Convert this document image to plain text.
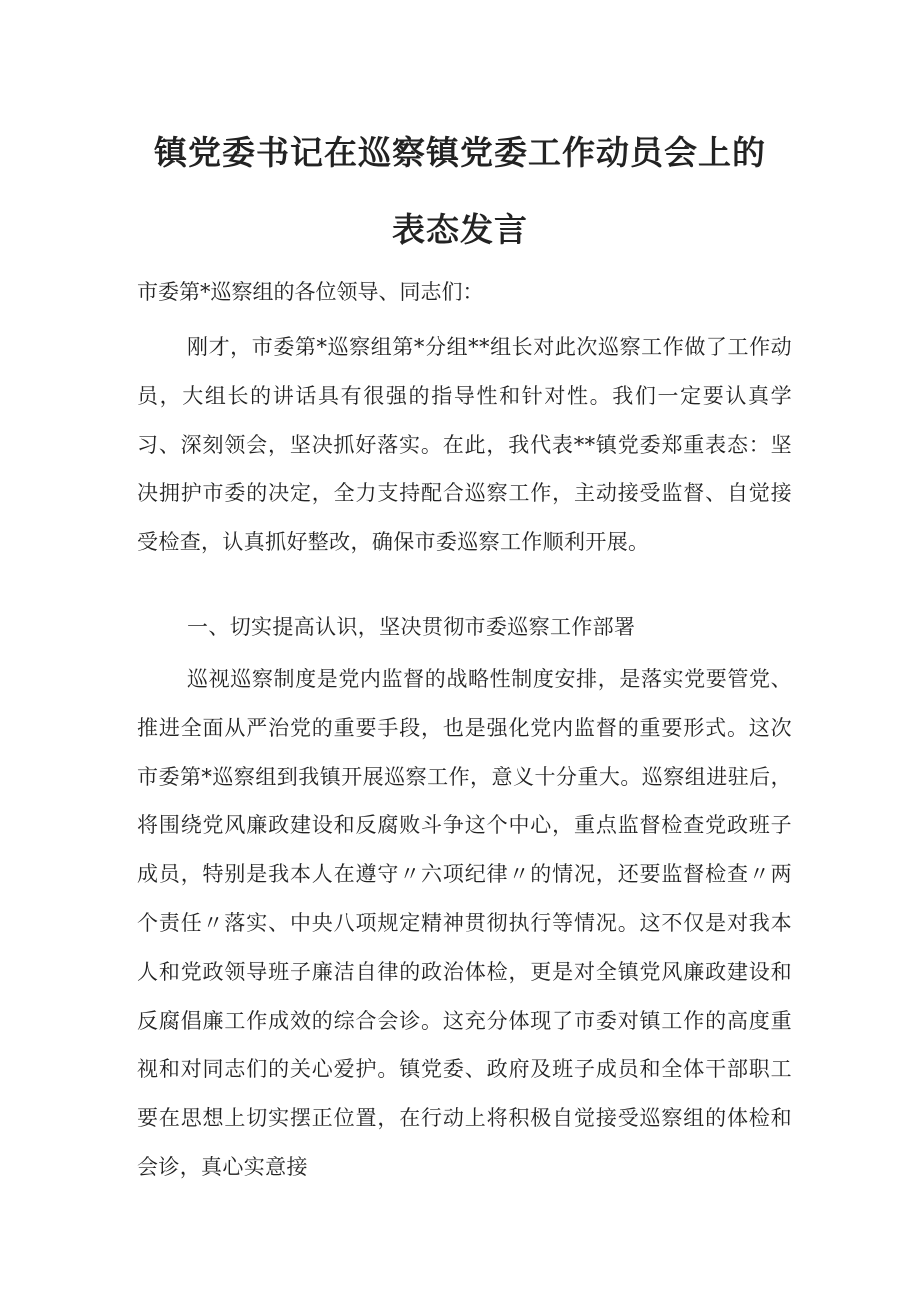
镇党委书记在巡察镇党委工作动员会上的
表态发言

市委第*巡察组的各位领导、同志们：

刚才，市委第*巡察组第*分组**组长对此次巡察工作做了工作动员，大组长的讲话具有很强的指导性和针对性。我们一定要认真学习、深刻领会，坚决抓好落实。在此，我代表**镇党委郑重表态：坚决拥护市委的决定，全力支持配合巡察工作，主动接受监督、自觉接受检查，认真抓好整改，确保市委巡察工作顺利开展。

一、切实提高认识，坚决贯彻市委巡察工作部署

巡视巡察制度是党内监督的战略性制度安排，是落实党要管党、推进全面从严治党的重要手段，也是强化党内监督的重要形式。这次市委第*巡察组到我镇开展巡察工作，意义十分重大。巡察组进驻后，将围绕党风廉政建设和反腐败斗争这个中心，重点监督检查党政班子成员，特别是我本人在遵守〃六项纪律〃的情况，还要监督检查〃两个责任〃落实、中央八项规定精神贯彻执行等情况。这不仅是对我本人和党政领导班子廉洁自律的政治体检，更是对全镇党风廉政建设和反腐倡廉工作成效的综合会诊。这充分体现了市委对镇工作的高度重视和对同志们的关心爱护。镇党委、政府及班子成员和全体干部职工要在思想上切实摆正位置，在行动上将积极自觉接受巡察组的体检和会诊，真心实意接
